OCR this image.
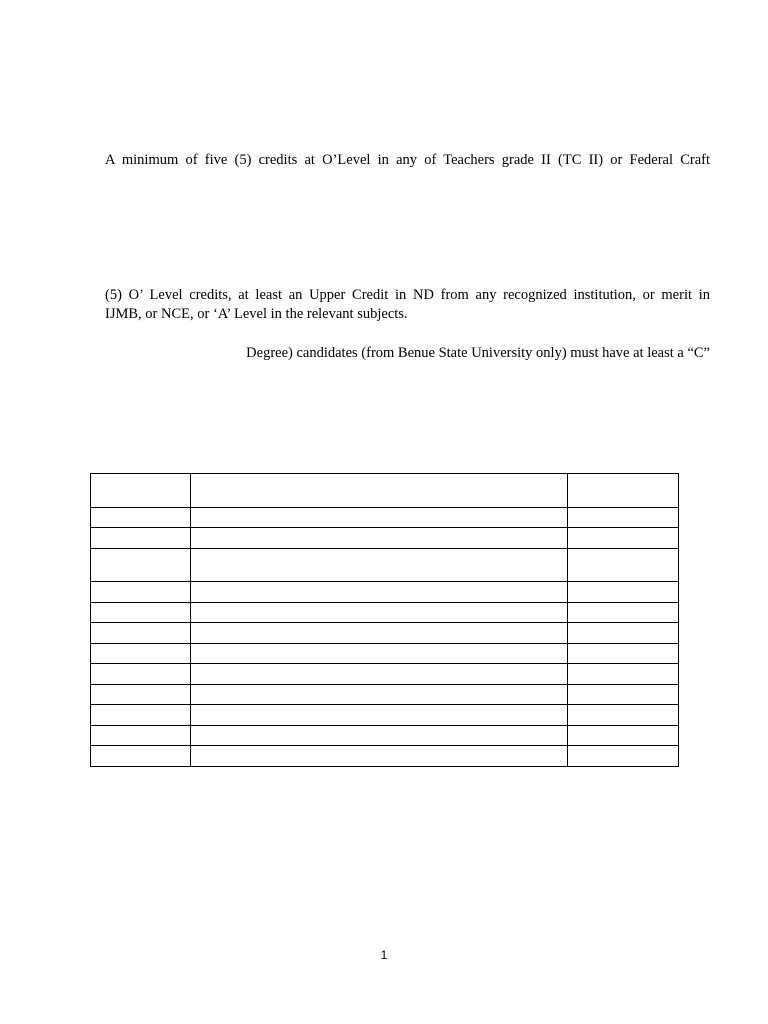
A minimum of five (5) credits at O’Level in any of Teachers grade II (TC II) or Federal Craft

(5) O’ Level credits, at least an Upper Credit in ND from any recognized institution, or merit in
IJMB, or NCE, or ‘A’ Level in the relevant subjects.

Degree) candidates (from Benue State University only) must have at least a “C”

1
